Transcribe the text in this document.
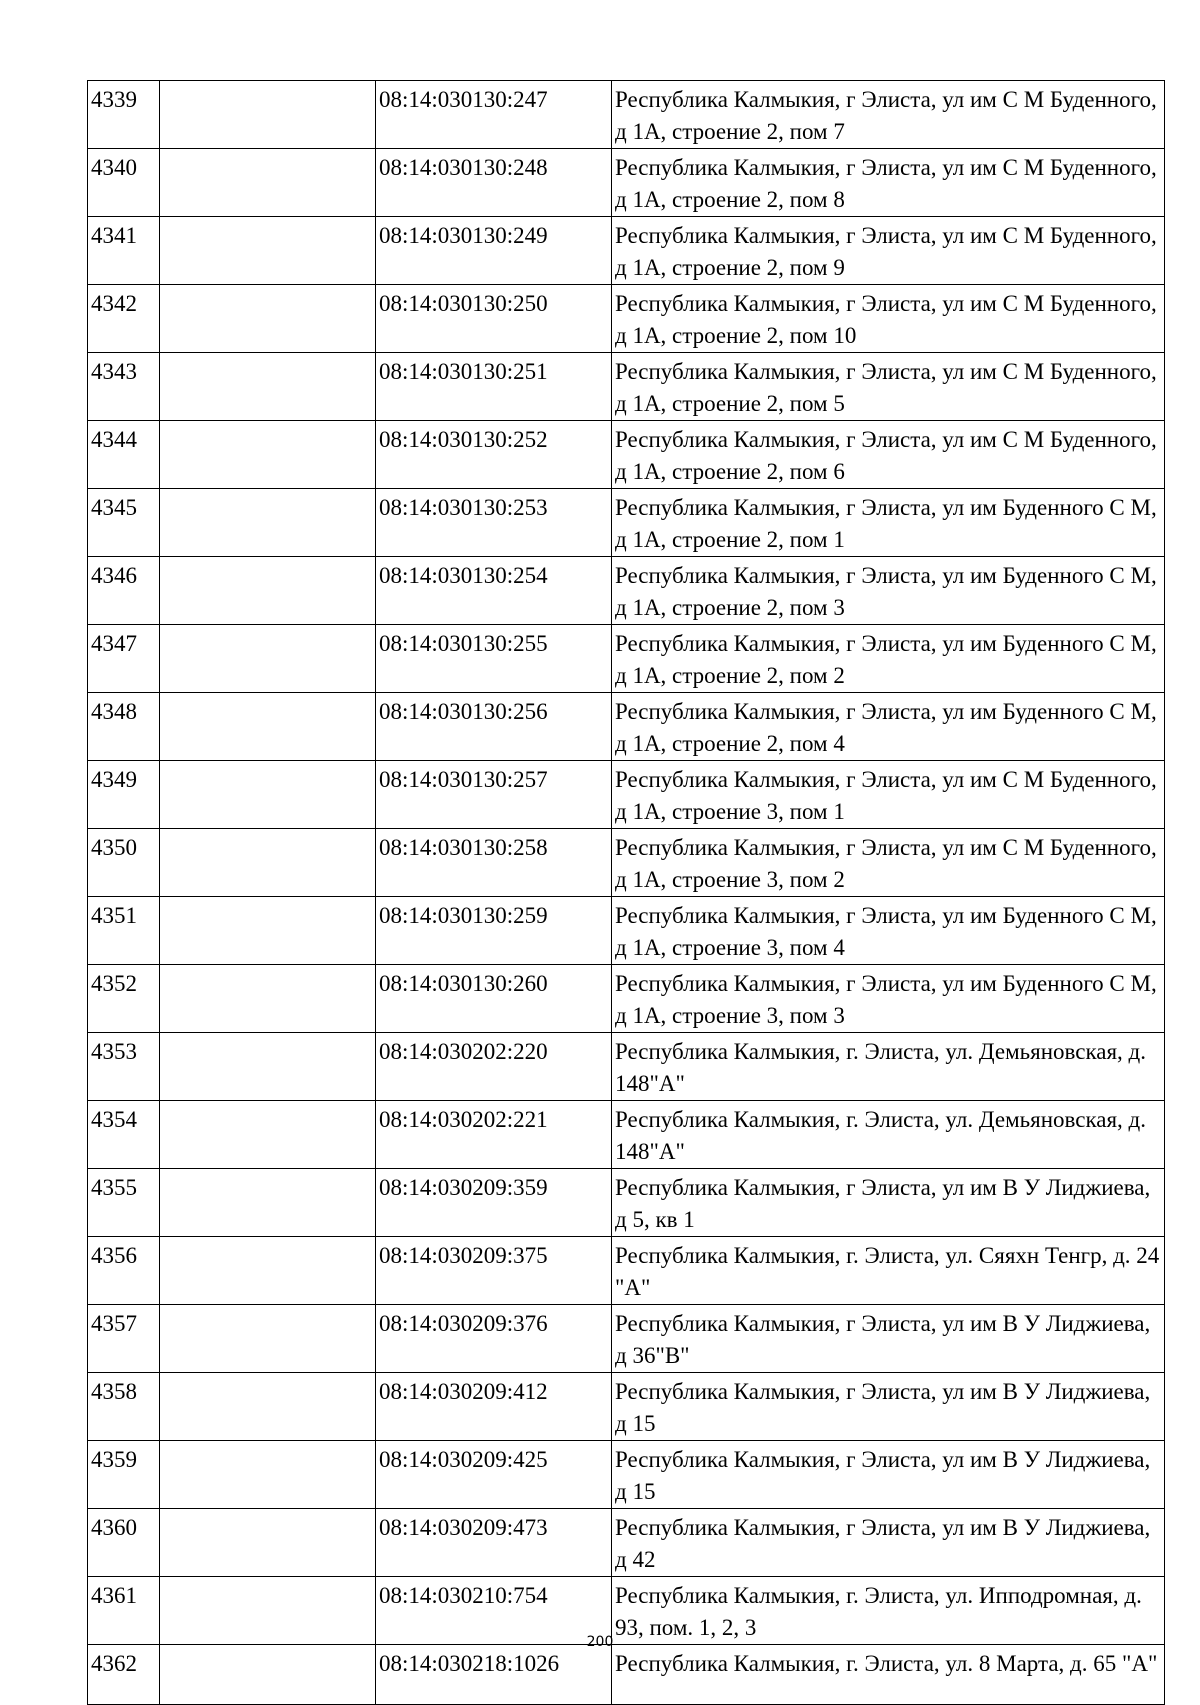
4339		08:14:030130:247	Республика Калмыкия, г Элиста, ул им С М Буденного, д 1А, строение 2, пом 7
4340		08:14:030130:248	Республика Калмыкия, г Элиста, ул им С М Буденного, д 1А, строение 2, пом 8
4341		08:14:030130:249	Республика Калмыкия, г Элиста, ул им С М Буденного, д 1А, строение 2, пом 9
4342		08:14:030130:250	Республика Калмыкия, г Элиста, ул им С М Буденного, д 1А, строение 2, пом 10
4343		08:14:030130:251	Республика Калмыкия, г Элиста, ул им С М Буденного, д 1А, строение 2, пом 5
4344		08:14:030130:252	Республика Калмыкия, г Элиста, ул им С М Буденного, д 1А, строение 2, пом 6
4345		08:14:030130:253	Республика Калмыкия, г Элиста, ул им Буденного С М, д 1А, строение 2, пом 1
4346		08:14:030130:254	Республика Калмыкия, г Элиста, ул им Буденного С М, д 1А, строение 2, пом 3
4347		08:14:030130:255	Республика Калмыкия, г Элиста, ул им Буденного С М, д 1А, строение 2, пом 2
4348		08:14:030130:256	Республика Калмыкия, г Элиста, ул им Буденного С М, д 1А, строение 2, пом 4
4349		08:14:030130:257	Республика Калмыкия, г Элиста, ул им С М Буденного, д 1А, строение 3, пом 1
4350		08:14:030130:258	Республика Калмыкия, г Элиста, ул им С М Буденного, д 1А, строение 3, пом 2
4351		08:14:030130:259	Республика Калмыкия, г Элиста, ул им Буденного С М, д 1А, строение 3, пом 4
4352		08:14:030130:260	Республика Калмыкия, г Элиста, ул им Буденного С М, д 1А, строение 3, пом 3
4353		08:14:030202:220	Республика Калмыкия, г. Элиста, ул. Демьяновская, д. 148"А"
4354		08:14:030202:221	Республика Калмыкия, г. Элиста, ул. Демьяновская, д. 148"А"
4355		08:14:030209:359	Республика Калмыкия, г Элиста, ул им В У Лиджиева, д 5, кв 1
4356		08:14:030209:375	Республика Калмыкия, г. Элиста, ул. Сяяхн Тенгр, д. 24 "А"
4357		08:14:030209:376	Республика Калмыкия, г Элиста, ул им В У Лиджиева, д 36"В"
4358		08:14:030209:412	Республика Калмыкия, г Элиста, ул им В У Лиджиева, д 15
4359		08:14:030209:425	Республика Калмыкия, г Элиста, ул им В У Лиджиева, д 15
4360		08:14:030209:473	Республика Калмыкия, г Элиста, ул им В У Лиджиева, д 42
4361		08:14:030210:754	Республика Калмыкия, г. Элиста, ул. Ипподромная, д. 93, пом. 1, 2, 3
4362		08:14:030218:1026	Республика Калмыкия, г. Элиста, ул. 8 Марта, д. 65 "А"
200
